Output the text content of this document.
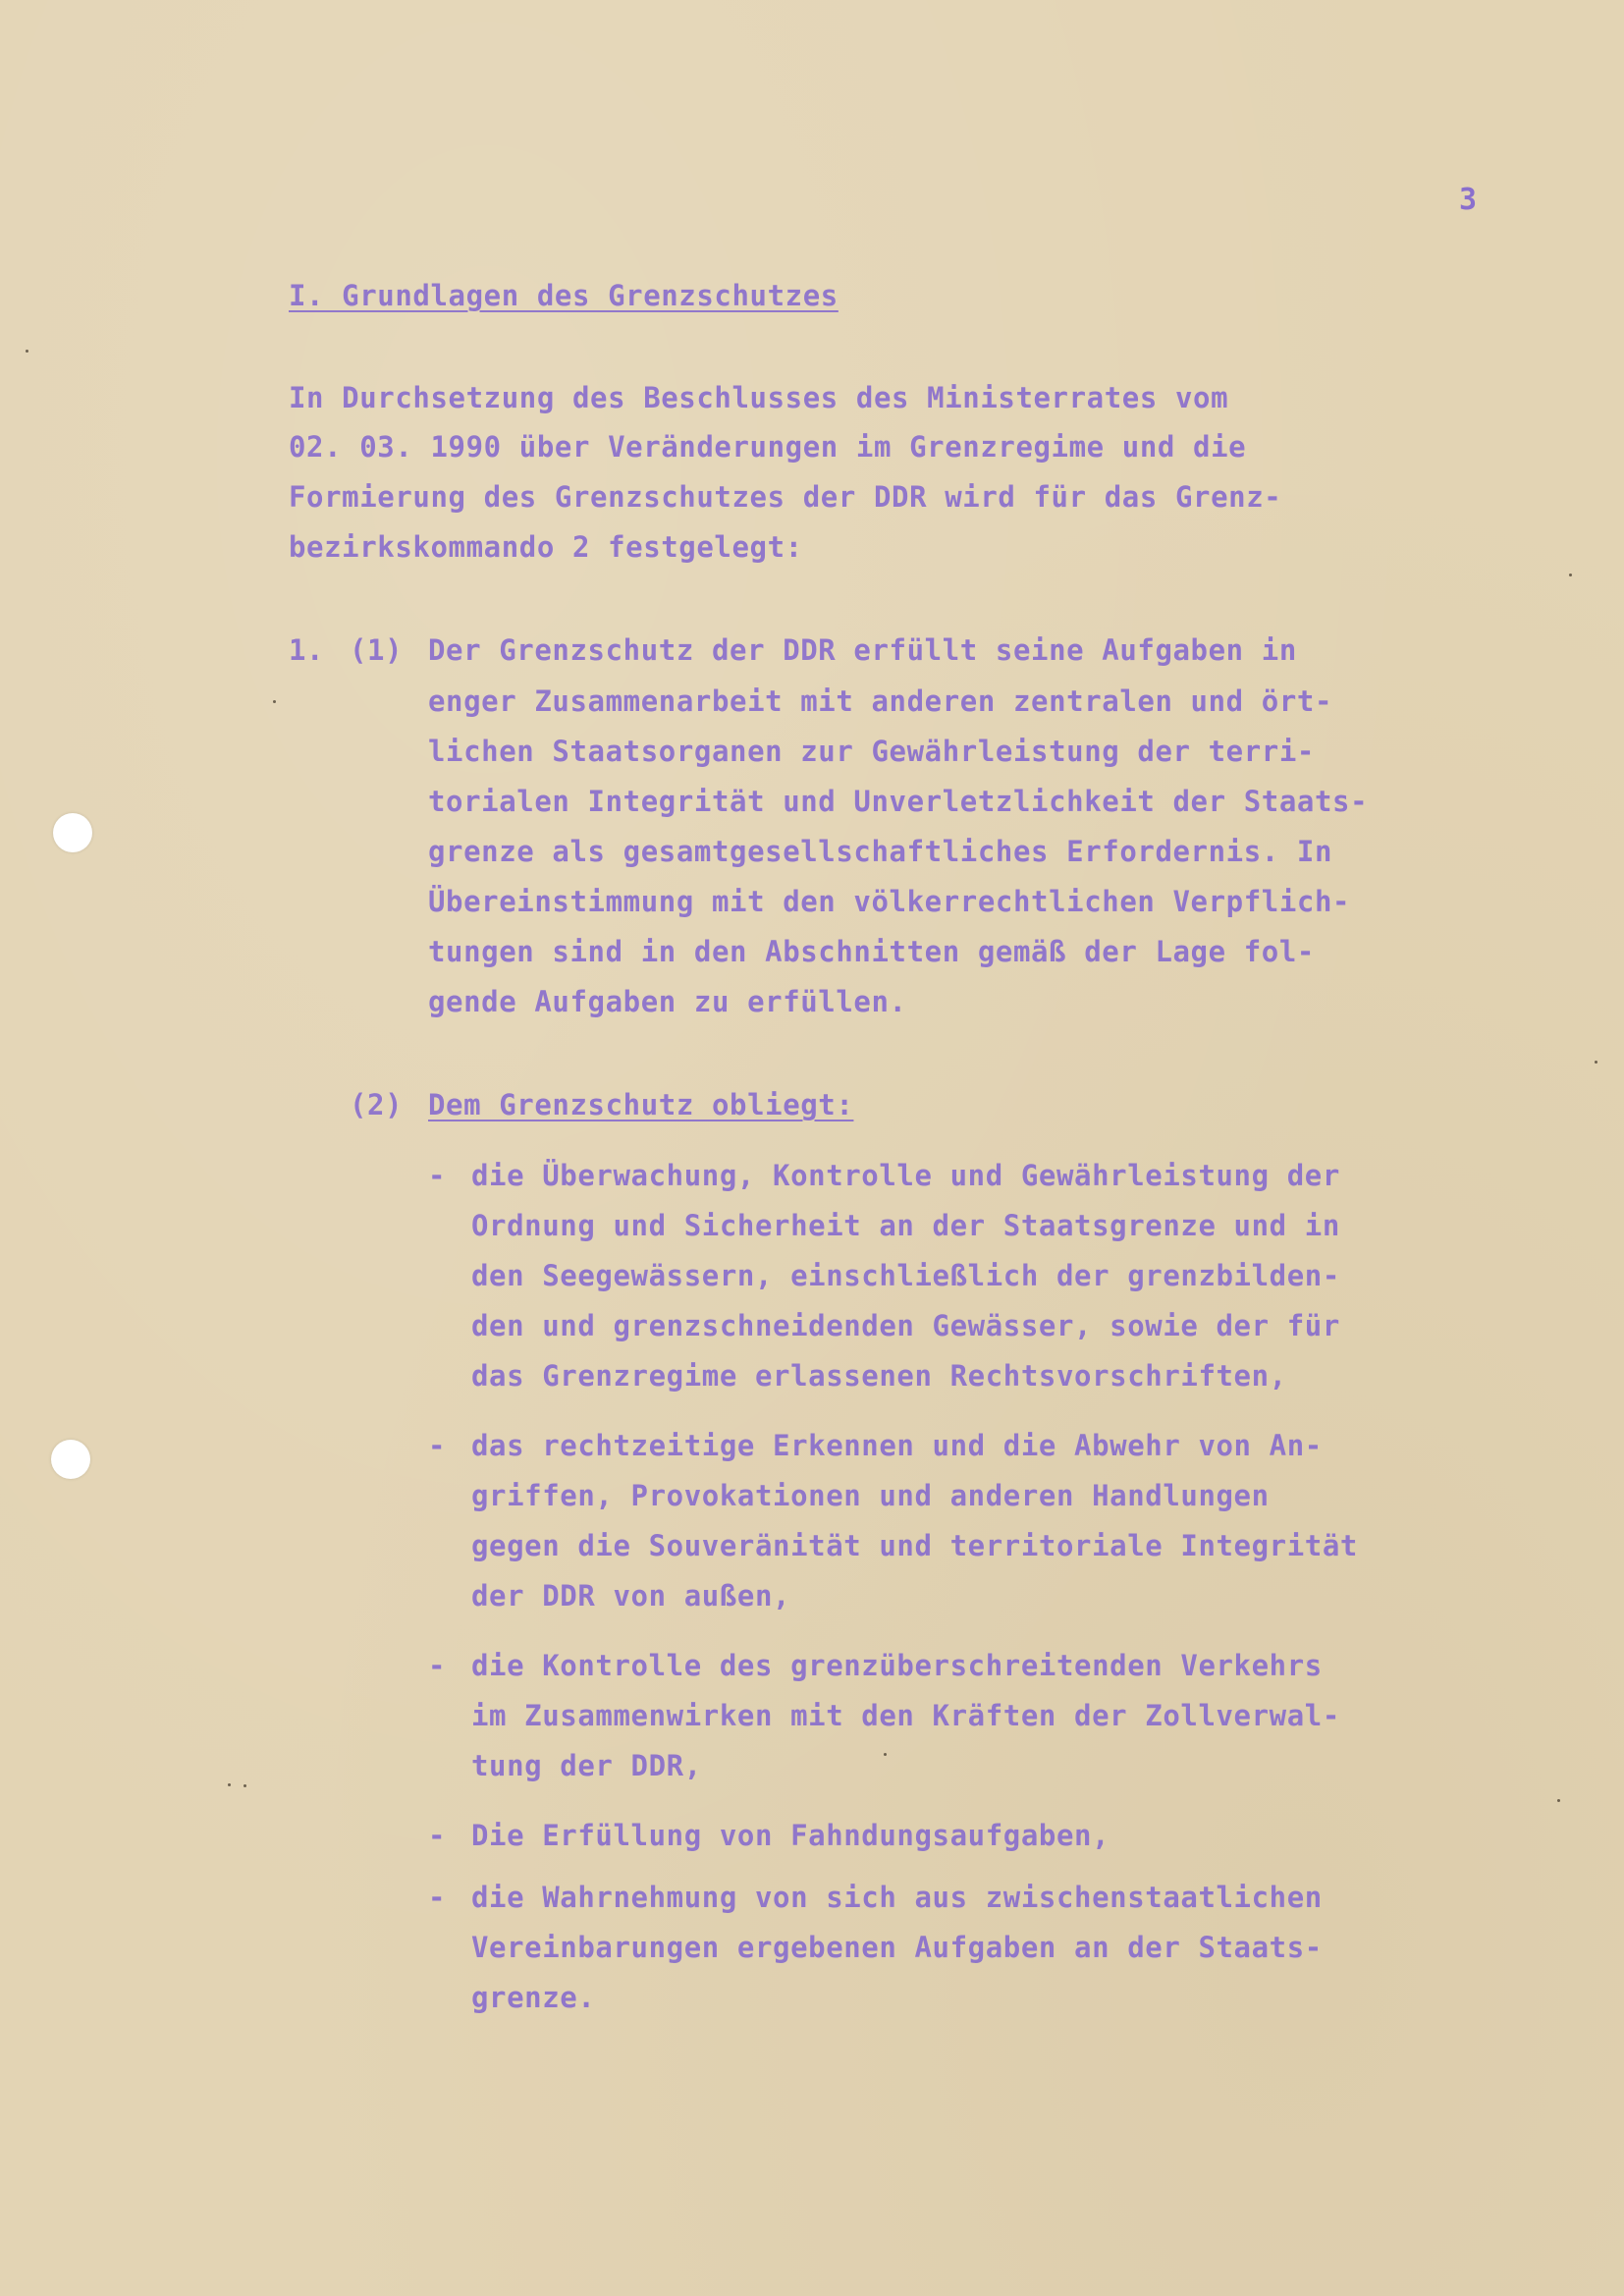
3
I. Grundlagen des Grenzschutzes
In Durchsetzung des Beschlusses des Ministerrates vom
02. 03. 1990 über Veränderungen im Grenzregime und die
Formierung des Grenzschutzes der DDR wird für das Grenz-
bezirkskommando 2 festgelegt:
1. (1) Der Grenzschutz der DDR erfüllt seine Aufgaben in
enger Zusammenarbeit mit anderen zentralen und ört-
lichen Staatsorganen zur Gewährleistung der terri-
torialen Integrität und Unverletzlichkeit der Staats-
grenze als gesamtgesellschaftliches Erfordernis. In
Übereinstimmung mit den völkerrechtlichen Verpflich-
tungen sind in den Abschnitten gemäß der Lage fol-
gende Aufgaben zu erfüllen.
(2) Dem Grenzschutz obliegt:
- die Überwachung, Kontrolle und Gewährleistung der
Ordnung und Sicherheit an der Staatsgrenze und in
den Seegewässern, einschließlich der grenzbilden-
den und grenzschneidenden Gewässer, sowie der für
das Grenzregime erlassenen Rechtsvorschriften,
- das rechtzeitige Erkennen und die Abwehr von An-
griffen, Provokationen und anderen Handlungen
gegen die Souveränität und territoriale Integrität
der DDR von außen,
- die Kontrolle des grenzüberschreitenden Verkehrs
im Zusammenwirken mit den Kräften der Zollverwal-
tung der DDR,
- Die Erfüllung von Fahndungsaufgaben,
- die Wahrnehmung von sich aus zwischenstaatlichen
Vereinbarungen ergebenen Aufgaben an der Staats-
grenze.
